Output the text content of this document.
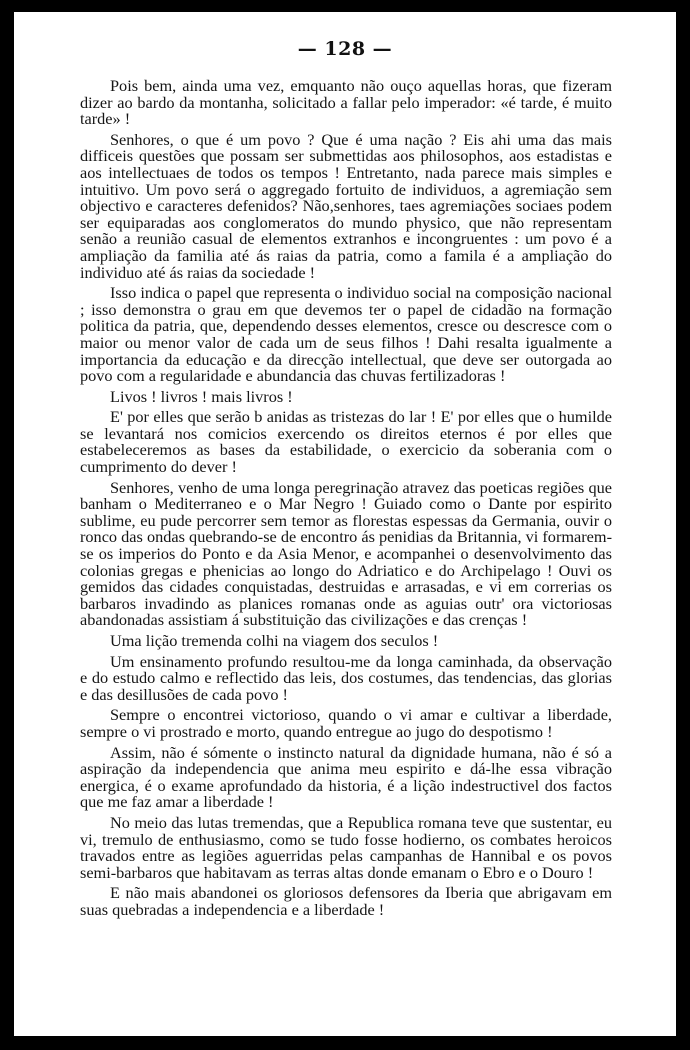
— 128 —

Pois bem, ainda uma vez, emquanto não ouço aquellas horas, que fizeram dizer ao bardo da montanha, solicitado a fallar pelo imperador: «é tarde, é muito tarde» !

Senhores, o que é um povo ? Que é uma nação ? Eis ahi uma das mais difficeis questões que possam ser submettidas aos philosophos, aos estadistas e aos intellectuaes de todos os tempos ! Entretanto, nada parece mais simples e intuitivo. Um povo será o aggregado fortuito de individuos, a agremiação sem objectivo e caracteres defenidos? Não,senhores, taes agremiações sociaes podem ser equiparadas aos conglomeratos do mundo physico, que não representam senão a reunião casual de elementos extranhos e incongruentes : um povo é a ampliação da familia até ás raias da patria, como a famila é a ampliação do individuo até ás raias da sociedade !

Isso indica o papel que representa o individuo social na composição nacional ; isso demonstra o grau em que devemos ter o papel de cidadão na formação politica da patria, que, dependendo desses elementos, cresce ou descresce com o maior ou menor valor de cada um de seus filhos ! Dahi resalta igualmente a importancia da educação e da direcção intellectual, que deve ser outorgada ao povo com a regularidade e abundancia das chuvas fertilizadoras !

Livos ! livros ! mais livros !

E' por elles que serão b anidas as tristezas do lar ! E' por elles que o humilde se levantará nos comicios exercendo os direitos eternos é por elles que estabeleceremos as bases da estabilidade, o exercicio da soberania com o cumprimento do dever !

Senhores, venho de uma longa peregrinação atravez das poeticas regiões que banham o Mediterraneo e o Mar Negro ! Guiado como o Dante por espirito sublime, eu pude percorrer sem temor as florestas espessas da Germania, ouvir o ronco das ondas quebrando-se de encontro ás penidias da Britannia, vi formarem-se os imperios do Ponto e da Asia Menor, e acompanhei o desenvolvimento das colonias gregas e phenicias ao longo do Adriatico e do Archipelago ! Ouvi os gemidos das cidades conquistadas, destruidas e arrasadas, e vi em correrias os barbaros invadindo as planices romanas onde as aguias outr' ora victoriosas abandonadas assistiam á substituição das civilizações e das crenças !

Uma lição tremenda colhi na viagem dos seculos !

Um ensinamento profundo resultou-me da longa caminhada, da observação e do estudo calmo e reflectido das leis, dos costumes, das tendencias, das glorias e das desillusões de cada povo !

Sempre o encontrei victorioso, quando o vi amar e cultivar a liberdade, sempre o vi prostrado e morto, quando entregue ao jugo do despotismo !

Assim, não é sómente o instincto natural da dignidade humana, não é só a aspiração da independencia que anima meu espirito e dá-lhe essa vibração energica, é o exame aprofundado da historia, é a lição indestructivel dos factos que me faz amar a liberdade !

No meio das lutas tremendas, que a Republica romana teve que sustentar, eu vi, tremulo de enthusiasmo, como se tudo fosse hodierno, os combates heroicos travados entre as legiões aguerridas pelas campanhas de Hannibal e os povos semi-barbaros que habitavam as terras altas donde emanam o Ebro e o Douro !

E não mais abandonei os gloriosos defensores da Iberia que abrigavam em suas quebradas a independencia e a liberdade !
